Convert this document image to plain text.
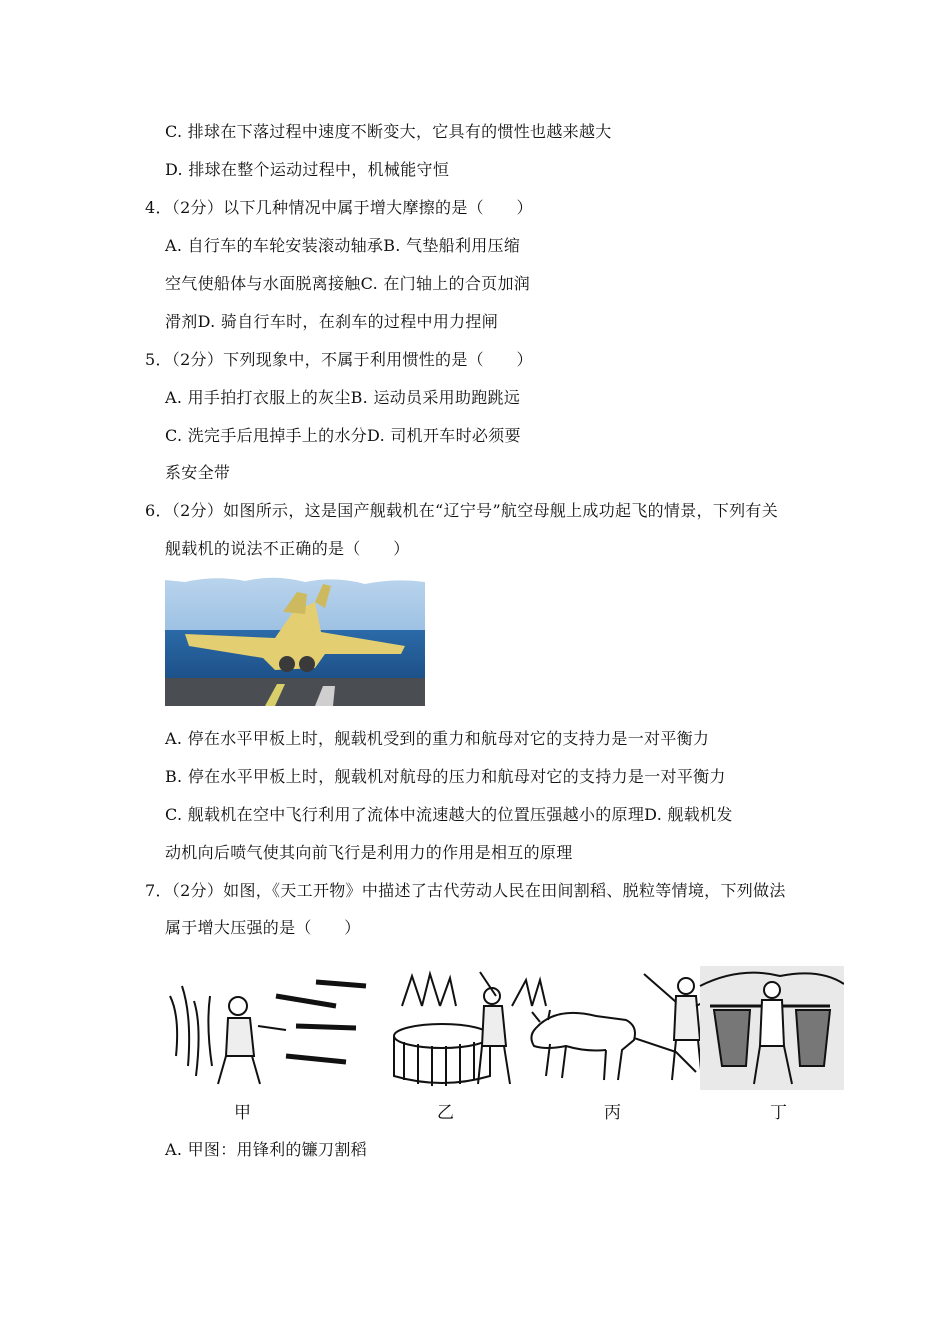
C. 排球在下落过程中速度不断变大，它具有的惯性也越来越大
D. 排球在整个运动过程中，机械能守恒
4．（2分）以下几种情况中属于增大摩擦的是（　　）
A. 自行车的车轮安装滚动轴承B. 气垫船利用压缩
空气使船体与水面脱离接触C. 在门轴上的合页加润
滑剂D. 骑自行车时，在刹车的过程中用力捏闸
5．（2分）下列现象中，不属于利用惯性的是（　　）
A. 用手拍打衣服上的灰尘B. 运动员采用助跑跳远
C. 洗完手后甩掉手上的水分D. 司机开车时必须要
系安全带
6．（2分）如图所示，这是国产舰载机在“辽宁号”航空母舰上成功起飞的情景，下列有关
舰载机的说法不正确的是（　　）
A. 停在水平甲板上时，舰载机受到的重力和航母对它的支持力是一对平衡力
B. 停在水平甲板上时，舰载机对航母的压力和航母对它的支持力是一对平衡力
C. 舰载机在空中飞行利用了流体中流速越大的位置压强越小的原理D. 舰载机发
动机向后喷气使其向前飞行是利用力的作用是相互的原理
7．（2分）如图，《天工开物》中描述了古代劳动人民在田间割稻、脱粒等情境，下列做法
属于增大压强的是（　　）
甲	乙	丙	丁
A. 甲图：用锋利的镰刀割稻
